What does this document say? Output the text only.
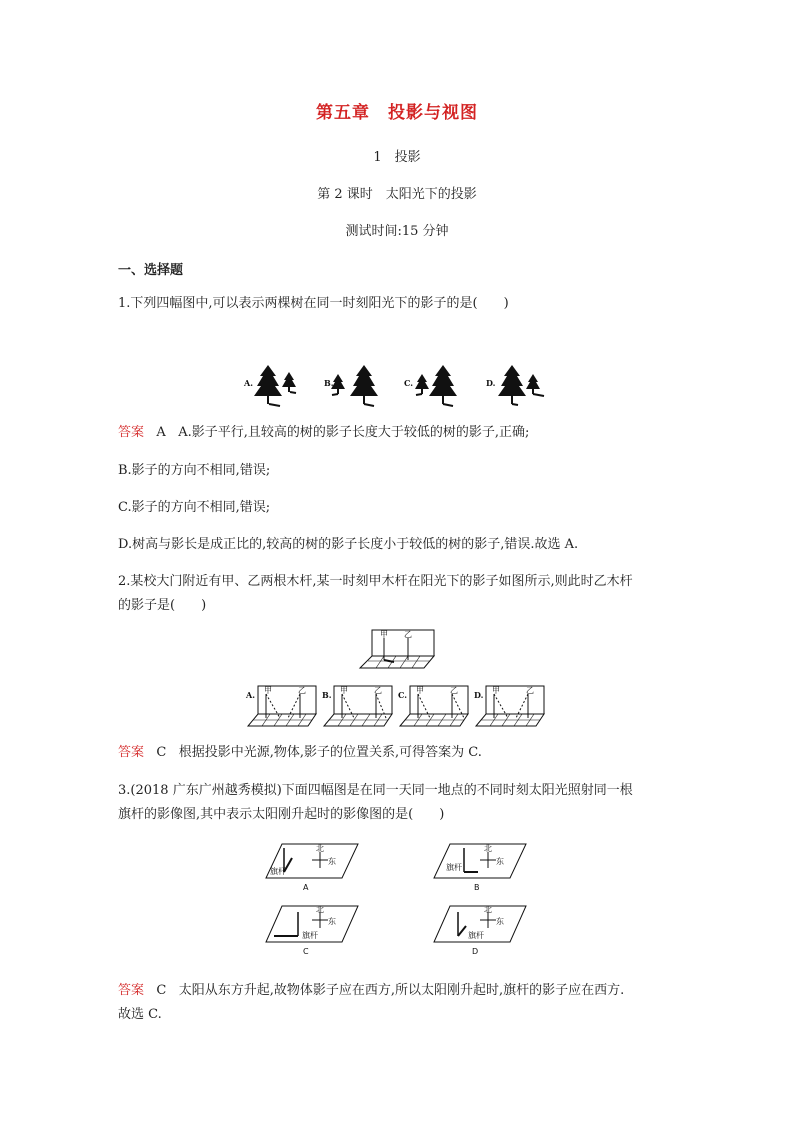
第五章　投影与视图
1　投影
第 2 课时　太阳光下的投影
测试时间:15 分钟
一、选择题
1.下列四幅图中,可以表示两棵树在同一时刻阳光下的影子的是(　　)
A.	B.	C.	D.
答案 A A.影子平行,且较高的树的影子长度大于较低的树的影子,正确;
B.影子的方向不相同,错误;
C.影子的方向不相同,错误;
D.树高与影长是成正比的,较高的树的影子长度小于较低的树的影子,错误.故选 A.
2.某校大门附近有甲、乙两根木杆,某一时刻甲木杆在阳光下的影子如图所示,则此时乙木杆
的影子是(　　)
甲 乙
A. 甲	乙 B. 甲	乙 C. 甲	乙 D. 甲	乙
答案 C 根据投影中光源,物体,影子的位置关系,可得答案为 C.
3.(2018 广东广州越秀模拟)下面四幅图是在同一天同一地点的不同时刻太阳光照射同一根
旗杆的影像图,其中表示太阳刚升起时的影像图的是(　　)
北
东
旗杆
A
北
东
旗杆
B
北
东
旗杆
C
北
东
旗杆
D
答案 C 太阳从东方升起,故物体影子应在西方,所以太阳刚升起时,旗杆的影子应在西方.
故选 C.
